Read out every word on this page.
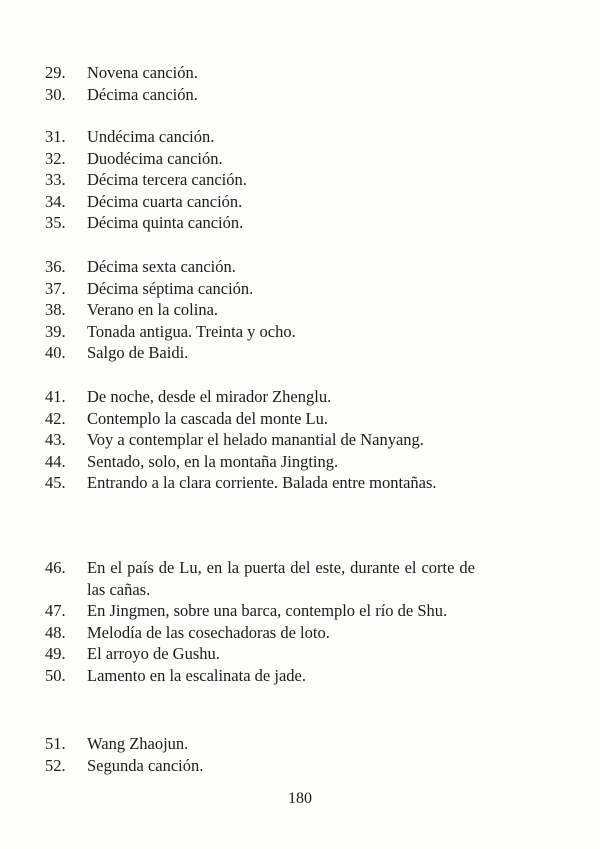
29.	Novena canción.
30.	Décima canción.
31.	Undécima canción.
32.	Duodécima canción.
33.	Décima tercera canción.
34.	Décima cuarta canción.
35.	Décima quinta canción.
36.	Décima sexta canción.
37.	Décima séptima canción.
38.	Verano en la colina.
39.	Tonada antigua. Treinta y ocho.
40.	Salgo de Baidi.
41.	De noche, desde el mirador Zhenglu.
42.	Contemplo la cascada del monte Lu.
43.	Voy a contemplar el helado manantial de Nanyang.
44.	Sentado, solo, en la montaña Jingting.
45.	Entrando a la clara corriente. Balada entre montañas.
46.	En el país de Lu, en la puerta del este, durante el corte de las cañas.
47.	En Jingmen, sobre una barca, contemplo el río de Shu.
48.	Melodía de las cosechadoras de loto.
49.	El arroyo de Gushu.
50.	Lamento en la escalinata de jade.
51.	Wang Zhaojun.
52.	Segunda canción.
180
